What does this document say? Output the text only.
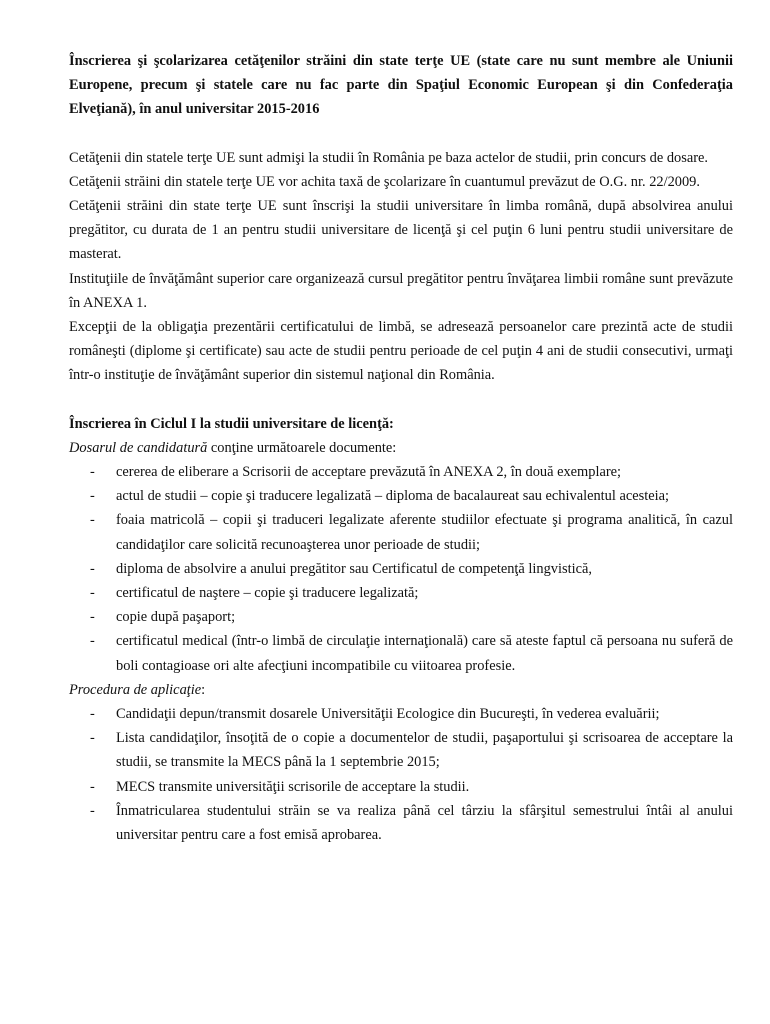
Înscrierea şi şcolarizarea cetăţenilor străini din state terţe UE (state care nu sunt membre ale Uniunii Europene, precum şi statele care nu fac parte din Spaţiul Economic European şi din Confederaţia Elveţiană), în anul universitar 2015-2016

Cetăţenii din statele terţe UE sunt admişi la studii în România pe baza actelor de studii, prin concurs de dosare.

Cetăţenii străini din statele terţe UE vor achita taxă de şcolarizare în cuantumul prevăzut de O.G. nr. 22/2009.

Cetăţenii străini din state terţe UE sunt înscrişi la studii universitare în limba română, după absolvirea anului pregătitor, cu durata de 1 an pentru studii universitare de licenţă şi cel puţin 6 luni pentru studii universitare de masterat.

Instituţiile de învăţământ superior care organizează cursul pregătitor pentru învăţarea limbii române sunt prevăzute în ANEXA 1.

Excepţii de la obligaţia prezentării certificatului de limbă, se adresează persoanelor care prezintă acte de studii româneşti (diplome şi certificate) sau acte de studii pentru perioade de cel puţin 4 ani de studii consecutivi, urmaţi într-o instituţie de învăţământ superior din sistemul naţional din România.

Înscrierea în Ciclul I la studii universitare de licenţă:

Dosarul de candidatură conţine următoarele documente:

- cererea de eliberare a Scrisorii de acceptare prevăzută în ANEXA 2, în două exemplare;
- actul de studii – copie şi traducere legalizată – diploma de bacalaureat sau echivalentul acesteia;
- foaia matricolă – copii şi traduceri legalizate aferente studiilor efectuate şi programa analitică, în cazul candidaţilor care solicită recunoaşterea unor perioade de studii;
- diploma de absolvire a anului pregătitor sau Certificatul de competenţă lingvistică,
- certificatul de naştere – copie şi traducere legalizată;
- copie după paşaport;
- certificatul medical (într-o limbă de circulaţie internaţională) care să ateste faptul că persoana nu suferă de boli contagioase ori alte afecţiuni incompatibile cu viitoarea profesie.

Procedura de aplicaţie:

- Candidaţii depun/transmit dosarele Universităţii Ecologice din Bucureşti, în vederea evaluării;
- Lista candidaţilor, însoţită de o copie a documentelor de studii, paşaportului şi scrisoarea de acceptare la studii, se transmite la MECS până la 1 septembrie 2015;
- MECS transmite universităţii scrisorile de acceptare la studii.
- Înmatricularea studentului străin se va realiza până cel târziu la sfârşitul semestrului întâi al anului universitar pentru care a fost emisă aprobarea.
